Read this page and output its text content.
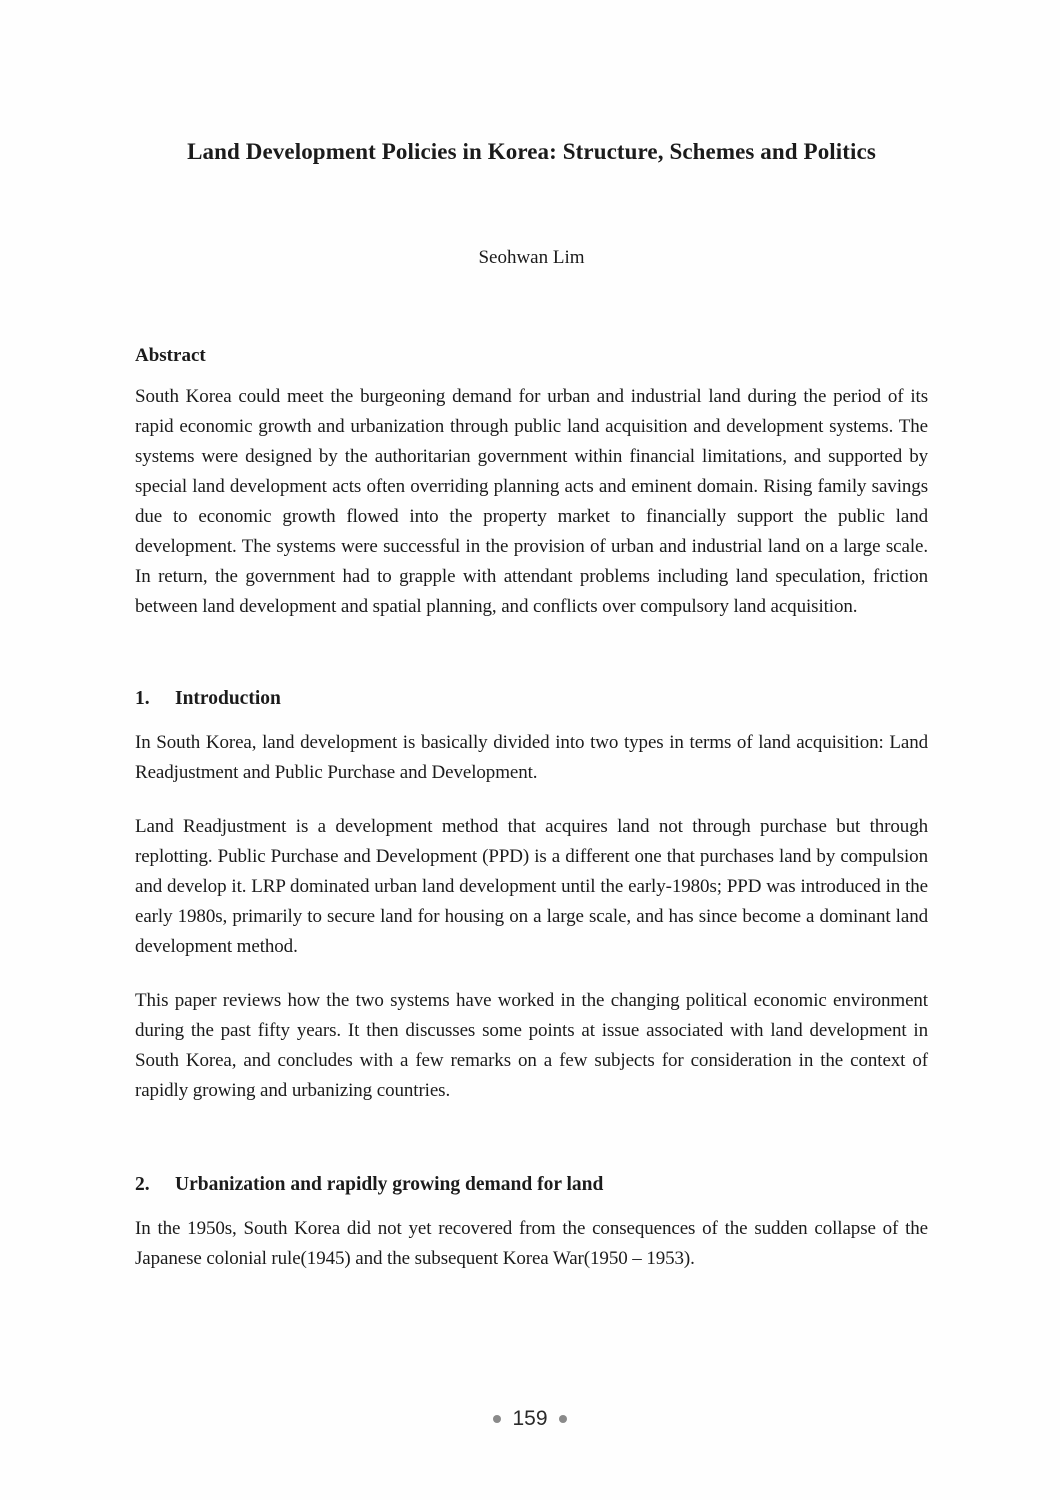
Land Development Policies in Korea: Structure, Schemes and Politics
Seohwan Lim
Abstract

South Korea could meet the burgeoning demand for urban and industrial land during the period of its rapid economic growth and urbanization through public land acquisition and development systems. The systems were designed by the authoritarian government within financial limitations, and supported by special land development acts often overriding planning acts and eminent domain. Rising family savings due to economic growth flowed into the property market to financially support the public land development. The systems were successful in the provision of urban and industrial land on a large scale. In return, the government had to grapple with attendant problems including land speculation, friction between land development and spatial planning, and conflicts over compulsory land acquisition.

1.	Introduction

In South Korea, land development is basically divided into two types in terms of land acquisition: Land Readjustment and Public Purchase and Development.

Land Readjustment is a development method that acquires land not through purchase but through replotting. Public Purchase and Development (PPD) is a different one that purchases land by compulsion and develop it. LRP dominated urban land development until the early-1980s; PPD was introduced in the early 1980s, primarily to secure land for housing on a large scale, and has since become a dominant land development method.

This paper reviews how the two systems have worked in the changing political economic environment during the past fifty years. It then discusses some points at issue associated with land development in South Korea, and concludes with a few remarks on a few subjects for consideration in the context of rapidly growing and urbanizing countries.

2.	Urbanization and rapidly growing demand for land

In the 1950s, South Korea did not yet recovered from the consequences of the sudden collapse of the Japanese colonial rule(1945) and the subsequent Korea War(1950 – 1953).

159
